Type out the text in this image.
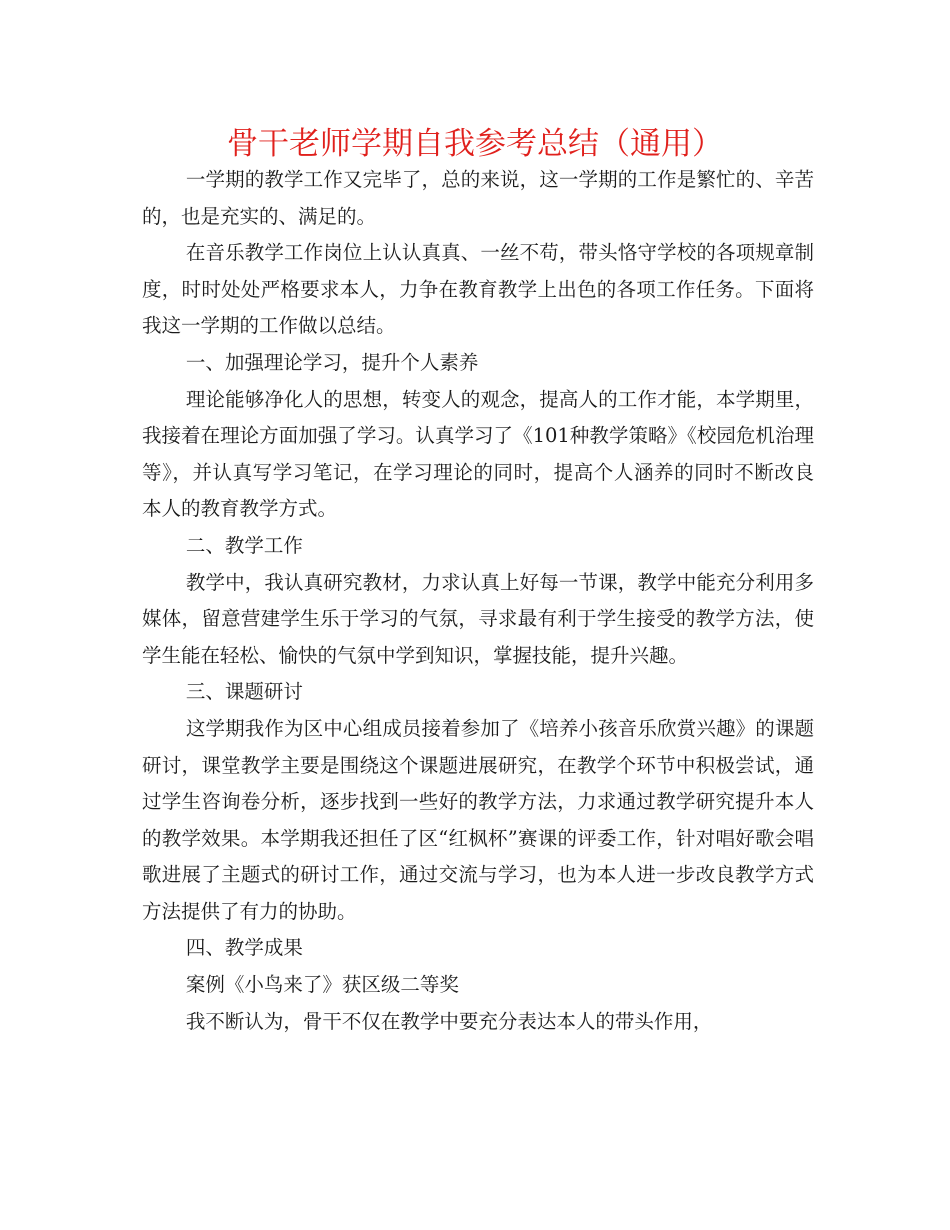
骨干老师学期自我参考总结（通用）

一学期的教学工作又完毕了，总的来说，这一学期的工作是繁忙的、辛苦的，也是充实的、满足的。

在音乐教学工作岗位上认认真真、一丝不苟，带头恪守学校的各项规章制度，时时处处严格要求本人，力争在教育教学上出色的各项工作任务。下面将我这一学期的工作做以总结。

一、加强理论学习，提升个人素养

理论能够净化人的思想，转变人的观念，提高人的工作才能，本学期里，我接着在理论方面加强了学习。认真学习了《101种教学策略》《校园危机治理等》，并认真写学习笔记，在学习理论的同时，提高个人涵养的同时不断改良本人的教育教学方式。

二、教学工作

教学中，我认真研究教材，力求认真上好每一节课，教学中能充分利用多媒体，留意营建学生乐于学习的气氛，寻求最有利于学生接受的教学方法，使学生能在轻松、愉快的气氛中学到知识，掌握技能，提升兴趣。

三、课题研讨

这学期我作为区中心组成员接着参加了《培养小孩音乐欣赏兴趣》的课题研讨，课堂教学主要是围绕这个课题进展研究，在教学个环节中积极尝试，通过学生咨询卷分析，逐步找到一些好的教学方法，力求通过教学研究提升本人的教学效果。本学期我还担任了区“红枫杯”赛课的评委工作，针对唱好歌会唱歌进展了主题式的研讨工作，通过交流与学习，也为本人进一步改良教学方式方法提供了有力的协助。

四、教学成果

案例《小鸟来了》获区级二等奖

我不断认为，骨干不仅在教学中要充分表达本人的带头作用，
